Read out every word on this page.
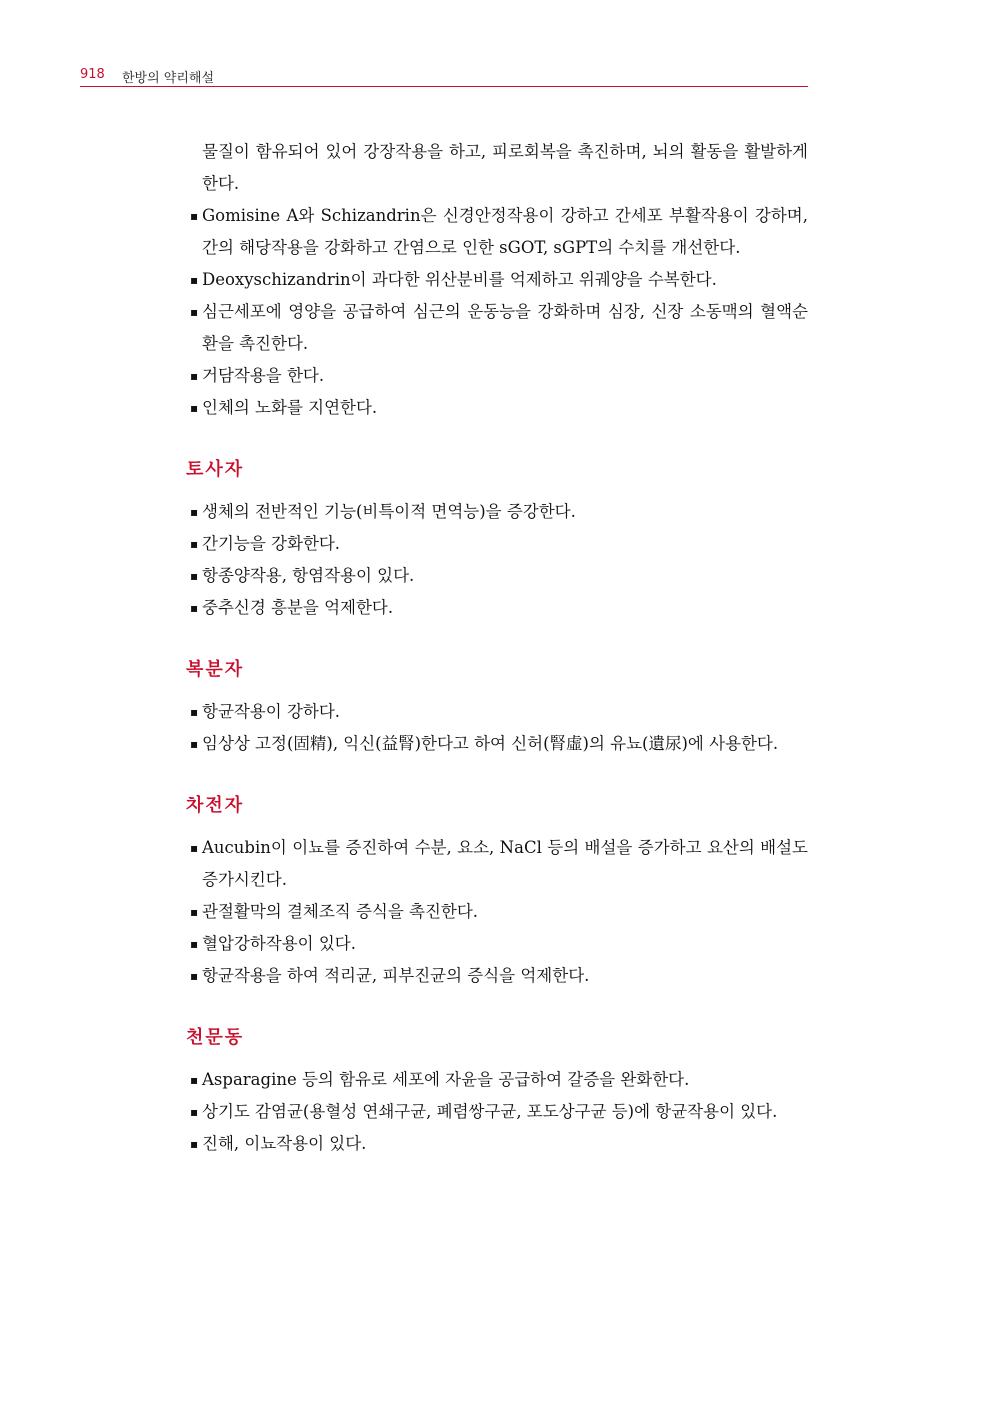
918 한방의 약리해설
물질이 함유되어 있어 강장작용을 하고, 피로회복을 촉진하며, 뇌의 활동을 활발하게 한다.
▪ Gomisine A와 Schizandrin은 신경안정작용이 강하고 간세포 부활작용이 강하며, 간의 해당작용을 강화하고 간염으로 인한 sGOT, sGPT의 수치를 개선한다.
▪ Deoxyschizandrin이 과다한 위산분비를 억제하고 위궤양을 수복한다.
▪ 심근세포에 영양을 공급하여 심근의 운동능을 강화하며 심장, 신장 소동맥의 혈액순환을 촉진한다.
▪ 거담작용을 한다.
▪ 인체의 노화를 지연한다.
토사자
▪ 생체의 전반적인 기능(비특이적 면역능)을 증강한다.
▪ 간기능을 강화한다.
▪ 항종양작용, 항염작용이 있다.
▪ 중추신경 흥분을 억제한다.
복분자
▪ 항균작용이 강하다.
▪ 임상상 고정(固精), 익신(益腎)한다고 하여 신허(腎虛)의 유뇨(遺尿)에 사용한다.
차전자
▪ Aucubin이 이뇨를 증진하여 수분, 요소, NaCl 등의 배설을 증가하고 요산의 배설도 증가시킨다.
▪ 관절활막의 결체조직 증식을 촉진한다.
▪ 혈압강하작용이 있다.
▪ 항균작용을 하여 적리균, 피부진균의 증식을 억제한다.
천문동
▪ Asparagine 등의 함유로 세포에 자윤을 공급하여 갈증을 완화한다.
▪ 상기도 감염균(용혈성 연쇄구균, 폐렴쌍구균, 포도상구균 등)에 항균작용이 있다.
▪ 진해, 이뇨작용이 있다.
